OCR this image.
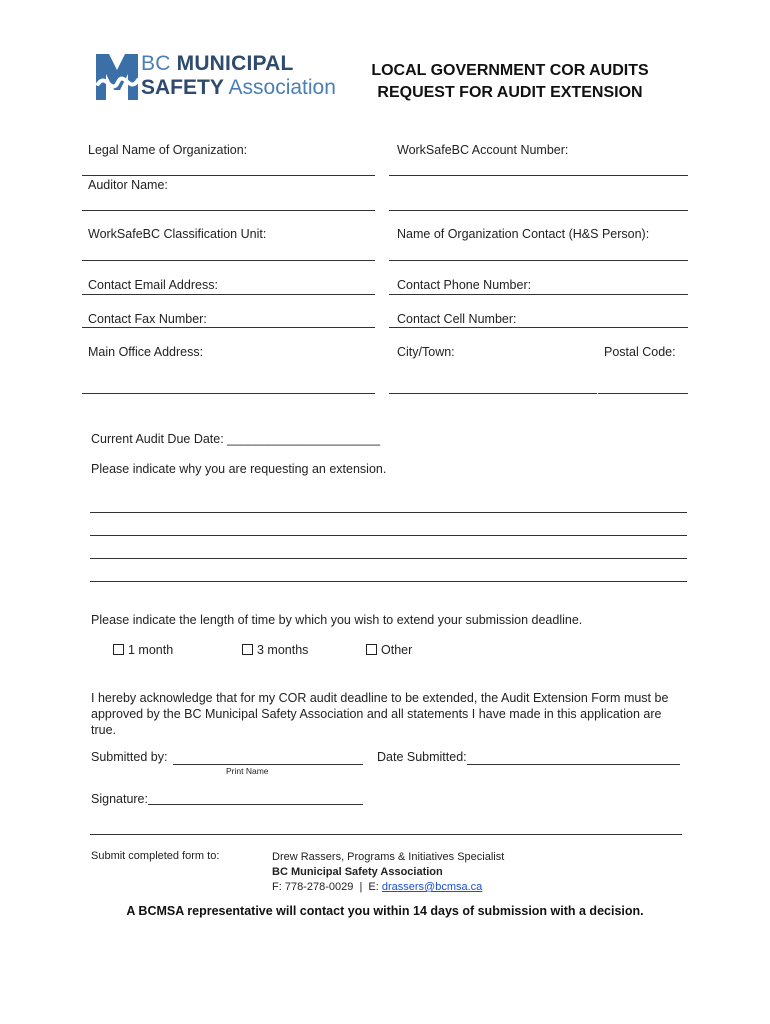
BC MUNICIPAL
SAFETY Association
LOCAL GOVERNMENT COR AUDITS
REQUEST FOR AUDIT EXTENSION
Legal Name of Organization:	WorkSafeBC Account Number:
Auditor Name:
WorkSafeBC Classification Unit:	Name of Organization Contact (H&S Person):
Contact Email Address:	Contact Phone Number:
Contact Fax Number:	Contact Cell Number:
Main Office Address:	City/Town:	Postal Code:
Current Audit Due Date: ______________________
Please indicate why you are requesting an extension.
Please indicate the length of time by which you wish to extend your submission deadline.
1 month	3 months	Other
I hereby acknowledge that for my COR audit deadline to be extended, the Audit Extension Form must be approved by the BC Municipal Safety Association and all statements I have made in this application are true.
Submitted by:
Print Name
Date Submitted:
Signature:
Submit completed form to:	Drew Rassers, Programs & Initiatives Specialist
BC Municipal Safety Association
F: 778-278-0029  |  E: drassers@bcmsa.ca
A BCMSA representative will contact you within 14 days of submission with a decision.
